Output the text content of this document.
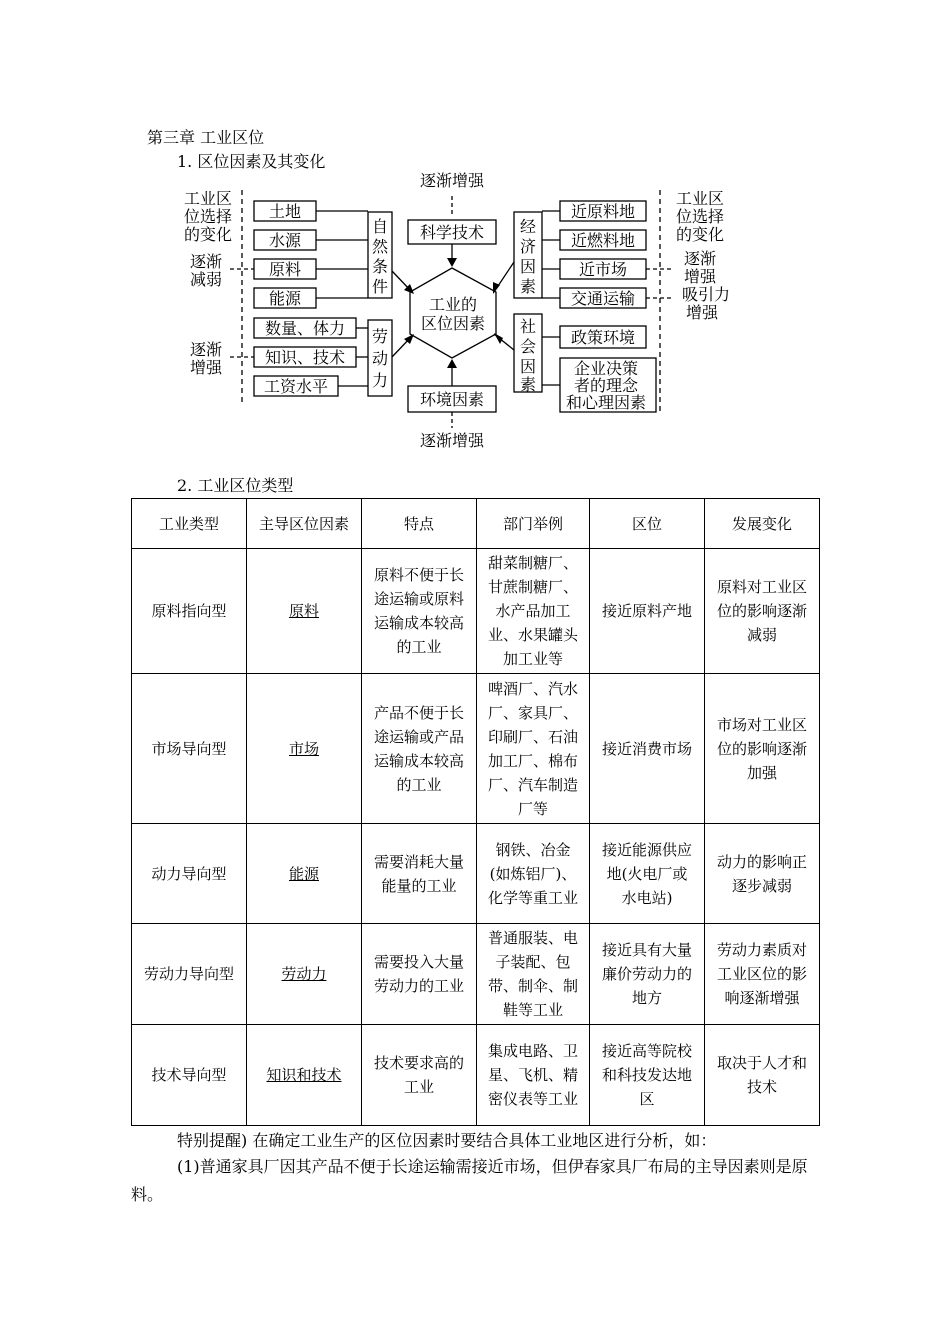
第三章 工业区位
1. 区位因素及其变化
逐渐增强
逐渐增强
科学技术
环境因素
工业的
区位因素
工业区
位选择
的变化
逐渐
减弱
逐渐
增强
工业区
位选择
的变化
逐渐
增强
吸引力
增强
土地
水源
原料
能源
自
然
条
件
数量、体力
知识、技术
工资水平
劳
动
力
经
济
因
素
近原料地
近燃料地
近市场
交通运输
社
会
因
素
政策环境
企业决策
者的理念
和心理因素
2. 工业区位类型
工业类型	主导区位因素	特点	部门举例	区位	发展变化
原料指向型	原料	原料不便于长途运输或原料运输成本较高的工业	甜菜制糖厂、甘蔗制糖厂、水产品加工业、水果罐头加工业等	接近原料产地	原料对工业区位的影响逐渐减弱
市场导向型	市场	产品不便于长途运输或产品运输成本较高的工业	啤酒厂、汽水厂、家具厂、印刷厂、石油加工厂、棉布厂、汽车制造厂等	接近消费市场	市场对工业区位的影响逐渐加强
动力导向型	能源	需要消耗大量能量的工业	钢铁、冶金(如炼铝厂)、化学等重工业	接近能源供应地(火电厂或水电站)	动力的影响正逐步减弱
劳动力导向型	劳动力	需要投入大量劳动力的工业	普通服装、电子装配、包带、制伞、制鞋等工业	接近具有大量廉价劳动力的地方	劳动力素质对工业区位的影响逐渐增强
技术导向型	知识和技术	技术要求高的工业	集成电路、卫星、飞机、精密仪表等工业	接近高等院校和科技发达地区	取决于人才和技术
特别提醒) 在确定工业生产的区位因素时要结合具体工业地区进行分析，如：
(1)普通家具厂因其产品不便于长途运输需接近市场，但伊春家具厂布局的主导因素则是原料。
